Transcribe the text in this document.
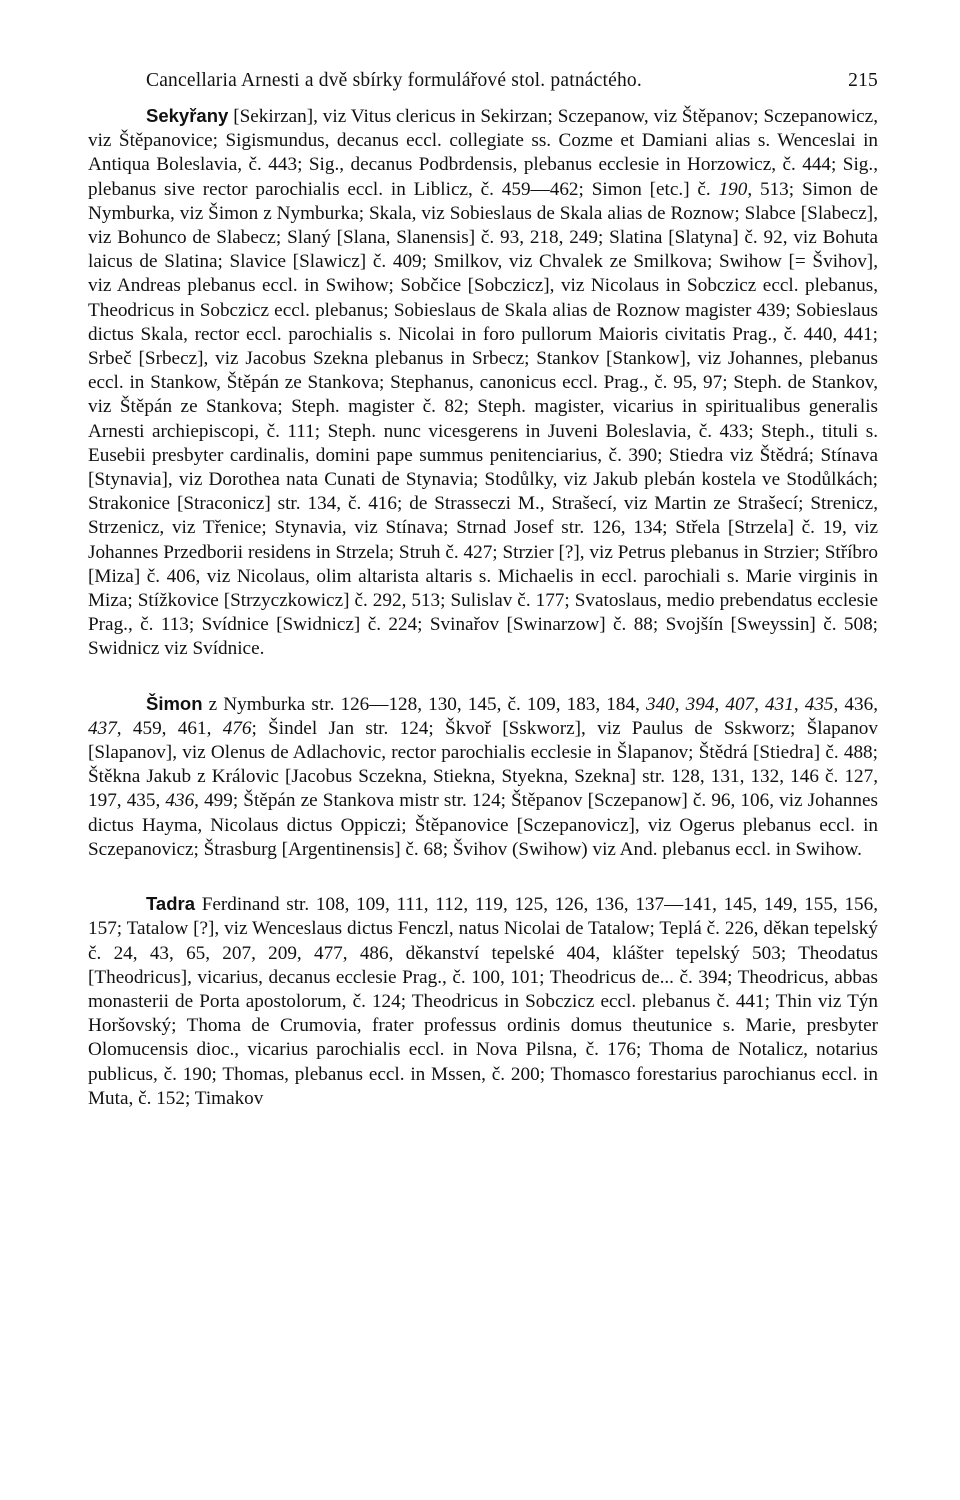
Cancellaria Arnesti a dvě sbírky formulářové stol. patnáctého.	215

Sekyřany [Sekirzan], viz Vitus clericus in Sekirzan; Sczepanow, viz Štěpanov; Sczepanowicz, viz Štěpanovice; Sigismundus, decanus eccl. collegiate ss. Cozme et Damiani alias s. Wenceslai in Antiqua Boleslavia, č. 443; Sig., decanus Podbrdensis, plebanus ecclesie in Horzowicz, č. 444; Sig., plebanus sive rector parochialis eccl. in Liblicz, č. 459—462; Simon [etc.] č. 190, 513; Simon de Nymburka, viz Šimon z Nymburka; Skala, viz Sobieslaus de Skala alias de Roznow; Slabce [Slabecz], viz Bohunco de Slabecz; Slaný [Slana, Slanensis] č. 93, 218, 249; Slatina [Slatyna] č. 92, viz Bohuta laicus de Slatina; Slavice [Slawicz] č. 409; Smilkov, viz Chvalek ze Smilkova; Swihow [= Švihov], viz Andreas plebanus eccl. in Swihow; Sobčice [Sobczicz], viz Nicolaus in Sobczicz eccl. plebanus, Theodricus in Sobczicz eccl. plebanus; Sobieslaus de Skala alias de Roznow magister 439; Sobieslaus dictus Skala, rector eccl. parochialis s. Nicolai in foro pullorum Maioris civitatis Prag., č. 440, 441; Srbeč [Srbecz], viz Jacobus Szekna plebanus in Srbecz; Stankov [Stankow], viz Johannes, plebanus eccl. in Stankow, Štěpán ze Stankova; Stephanus, canonicus eccl. Prag., č. 95, 97; Steph. de Stankov, viz Štěpán ze Stankova; Steph. magister č. 82; Steph. magister, vicarius in spiritualibus generalis Arnesti archiepiscopi, č. 111; Steph. nunc vicesgerens in Juveni Boleslavia, č. 433; Steph., tituli s. Eusebii presbyter cardinalis, domini pape summus penitenciarius, č. 390; Stiedra viz Štědrá; Stínava [Stynavia], viz Dorothea nata Cunati de Stynavia; Stodůlky, viz Jakub plebán kostela ve Stodůlkách; Strakonice [Straconicz] str. 134, č. 416; de Strasseczi M., Strašecí, viz Martin ze Strašecí; Strenicz, Strzenicz, viz Třenice; Stynavia, viz Stínava; Strnad Josef str. 126, 134; Střela [Strzela] č. 19, viz Johannes Przedborii residens in Strzela; Struh č. 427; Strzier [?], viz Petrus plebanus in Strzier; Stříbro [Miza] č. 406, viz Nicolaus, olim altarista altaris s. Michaelis in eccl. parochiali s. Marie virginis in Miza; Stížkovice [Strzyczkowicz] č. 292, 513; Sulislav č. 177; Svatoslaus, medio prebendatus ecclesie Prag., č. 113; Svídnice [Swidnicz] č. 224; Svinařov [Swinarzow] č. 88; Svojšín [Sweyssin] č. 508; Swidnicz viz Svídnice.

Šimon z Nymburka str. 126—128, 130, 145, č. 109, 183, 184, 340, 394, 407, 431, 435, 436, 437, 459, 461, 476; Šindel Jan str. 124; Škvoř [Sskworz], viz Paulus de Sskworz; Šlapanov [Slapanov], viz Olenus de Adlachovic, rector parochialis ecclesie in Šlapanov; Štědrá [Stiedra] č. 488; Štěkna Jakub z Královic [Jacobus Sczekna, Stiekna, Styekna, Szekna] str. 128, 131, 132, 146 č. 127, 197, 435, 436, 499; Štěpán ze Stankova mistr str. 124; Štěpanov [Sczepanow] č. 96, 106, viz Johannes dictus Hayma, Nicolaus dictus Oppiczi; Štěpanovice [Sczepanovicz], viz Ogerus plebanus eccl. in Sczepanovicz; Štrasburg [Argentinensis] č. 68; Švihov (Swihow) viz And. plebanus eccl. in Swihow.

Tadra Ferdinand str. 108, 109, 111, 112, 119, 125, 126, 136, 137—141, 145, 149, 155, 156, 157; Tatalow [?], viz Wenceslaus dictus Fenczl, natus Nicolai de Tatalow; Teplá č. 226, děkan tepelský č. 24, 43, 65, 207, 209, 477, 486, děkanství tepelské 404, klášter tepelský 503; Theodatus [Theodricus], vicarius, decanus ecclesie Prag., č. 100, 101; Theodricus de... č. 394; Theodricus, abbas monasterii de Porta apostolorum, č. 124; Theodricus in Sobczicz eccl. plebanus č. 441; Thin viz Týn Horšovský; Thoma de Crumovia, frater professus ordinis domus theutunice s. Marie, presbyter Olomucensis dioc., vicarius parochialis eccl. in Nova Pilsna, č. 176; Thoma de Notalicz, notarius publicus, č. 190; Thomas, plebanus eccl. in Mssen, č. 200; Thomasco forestarius parochianus eccl. in Muta, č. 152; Timakov
